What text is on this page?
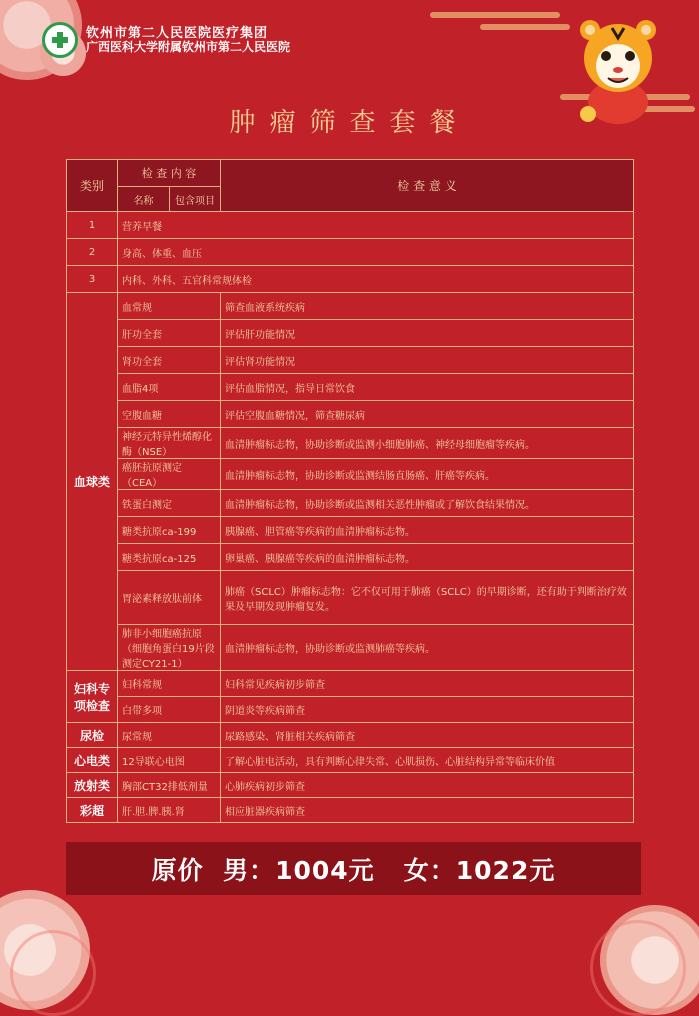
钦州市第二人民医院医疗集团
广西医科大学附属钦州市第二人民医院
肿瘤筛查套餐
类别	检 查 内 容		检 查 意 义
	名称	包含项目	
1	营养早餐		
2	身高、体重、血压		
3	内科、外科、五官科常规体检		
血球类	血常规		筛查血液系统疾病
	肝功全套		评估肝功能情况
	肾功全套		评估肾功能情况
	血脂4项		评估血脂情况，指导日常饮食
	空腹血糖		评估空腹血糖情况，筛查糖尿病
	神经元特异性烯醇化酶（NSE）		血清肿瘤标志物，协助诊断或监测小细胞肺癌、神经母细胞瘤等疾病。
	癌胚抗原测定（CEA）		血清肿瘤标志物，协助诊断或监测结肠直肠癌、肝癌等疾病。
	铁蛋白测定		血清肿瘤标志物，协助诊断或监测相关恶性肿瘤或了解饮食结果情况。
	糖类抗原ca-199		胰腺癌、胆管癌等疾病的血清肿瘤标志物。
	糖类抗原ca-125		卵巢癌、胰腺癌等疾病的血清肿瘤标志物。
	胃泌素释放肽前体		肺癌（SCLC）肿瘤标志物：它不仅可用于肺癌（SCLC）的早期诊断，还有助于判断治疗效果及早期发现肿瘤复发。
	肺非小细胞癌抗原（细胞角蛋白19片段测定CY21-1）		血清肿瘤标志物，协助诊断或监测肺癌等疾病。
妇科专项检查	妇科常规		妇科常见疾病初步筛查
	白带多项		阴道炎等疾病筛查
尿检	尿常规		尿路感染、肾脏相关疾病筛查
心电类	12导联心电图		了解心脏电活动，具有判断心律失常、心肌损伤、心脏结构异常等临床价值
放射类	胸部CT32排低剂量		心肺疾病初步筛查
彩超	肝.胆.脾.胰.肾		相应脏器疾病筛查
原价  男：1004元   女：1022元
